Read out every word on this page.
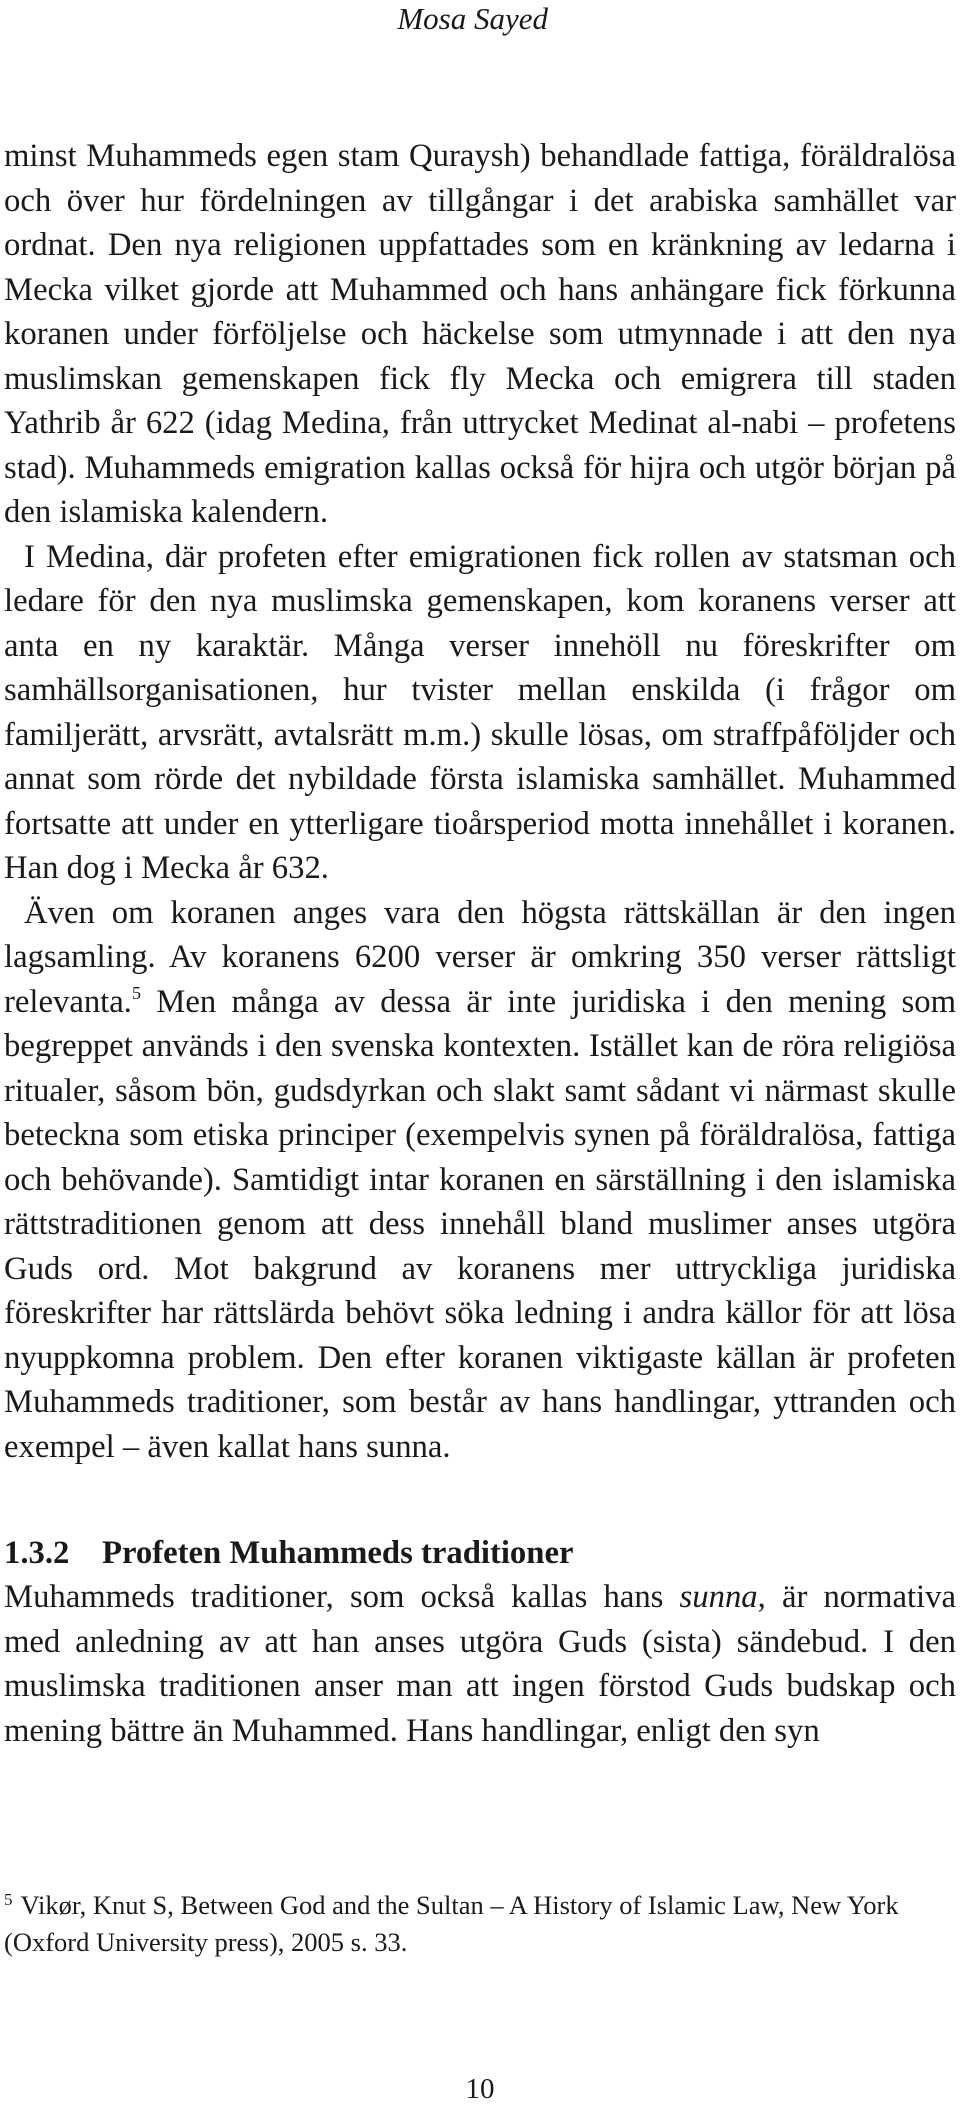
Mosa Sayed

minst Muhammeds egen stam Quraysh) behandlade fattiga, föräldralösa och över hur fördelningen av tillgångar i det arabiska samhället var ordnat. Den nya religionen uppfattades som en kränkning av ledarna i Mecka vilket gjorde att Muhammed och hans anhängare fick förkunna koranen under förföljelse och häckelse som utmynnade i att den nya muslimskan gemenskapen fick fly Mecka och emigrera till staden Yathrib år 622 (idag Medina, från uttrycket Medinat al-nabi – profetens stad). Muhammeds emigration kallas också för hijra och utgör början på den islamiska kalendern.

I Medina, där profeten efter emigrationen fick rollen av statsman och ledare för den nya muslimska gemenskapen, kom koranens verser att anta en ny karaktär. Många verser innehöll nu föreskrifter om samhällsorganisationen, hur tvister mellan enskilda (i frågor om familjerätt, arvsrätt, avtalsrätt m.m.) skulle lösas, om straffpåföljder och annat som rörde det nybildade första islamiska samhället. Muhammed fortsatte att under en ytterligare tioårsperiod motta innehållet i koranen. Han dog i Mecka år 632.

Även om koranen anges vara den högsta rättskällan är den ingen lagsamling. Av koranens 6200 verser är omkring 350 verser rättsligt relevanta.$^5$ Men många av dessa är inte juridiska i den mening som begreppet används i den svenska kontexten. Istället kan de röra religiösa ritualer, såsom bön, gudsdyrkan och slakt samt sådant vi närmast skulle beteckna som etiska principer (exempelvis synen på föräldralösa, fattiga och behövande). Samtidigt intar koranen en särställning i den islamiska rättstraditionen genom att dess innehåll bland muslimer anses utgöra Guds ord. Mot bakgrund av koranens mer uttryckliga juridiska föreskrifter har rättslärda behövt söka ledning i andra källor för att lösa nyuppkomna problem. Den efter koranen viktigaste källan är profeten Muhammeds traditioner, som består av hans handlingar, yttranden och exempel – även kallat hans sunna.

1.3.2 Profeten Muhammeds traditioner

Muhammeds traditioner, som också kallas hans sunna, är normativa med anledning av att han anses utgöra Guds (sista) sändebud. I den muslimska traditionen anser man att ingen förstod Guds budskap och mening bättre än Muhammed. Hans handlingar, enligt den syn

$^5$ Vikør, Knut S, Between God and the Sultan – A History of Islamic Law, New York (Oxford University press), 2005 s. 33.

10
